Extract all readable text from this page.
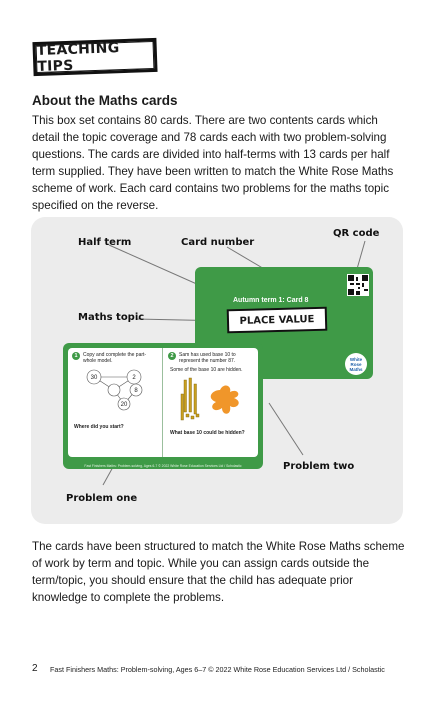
TEACHING TIPS
About the Maths cards

This box set contains 80 cards. There are two contents cards which detail the topic coverage and 78 cards each with two problem-solving questions. The cards are divided into half-terms with 13 cards per half term supplied. They have been written to match the White Rose Maths scheme of work. Each card contains two problems for the maths topic specified on the reverse.

Half term	Card number
QR code
Maths topic
Problem two
Problem one
Autumn term 1: Card 8
PLACE VALUE
White Rose Maths
1	Copy and complete the part-whole model.
30	2
8
20
Where did you start?
2	Sam has used base 10 to represent the number 87.
Some of the base 10 are hidden.
What base 10 could be hidden?
Fast Finishers Maths: Problem-solving, Ages 6-7 © 2022 White Rose Education Services Ltd / Scholastic

The cards have been structured to match the White Rose Maths scheme of work by term and topic. While you can assign cards outside the term/topic, you should ensure that the child has adequate prior knowledge to complete the problems.

2 Fast Finishers Maths: Problem-solving, Ages 6–7 © 2022 White Rose Education Services Ltd / Scholastic
